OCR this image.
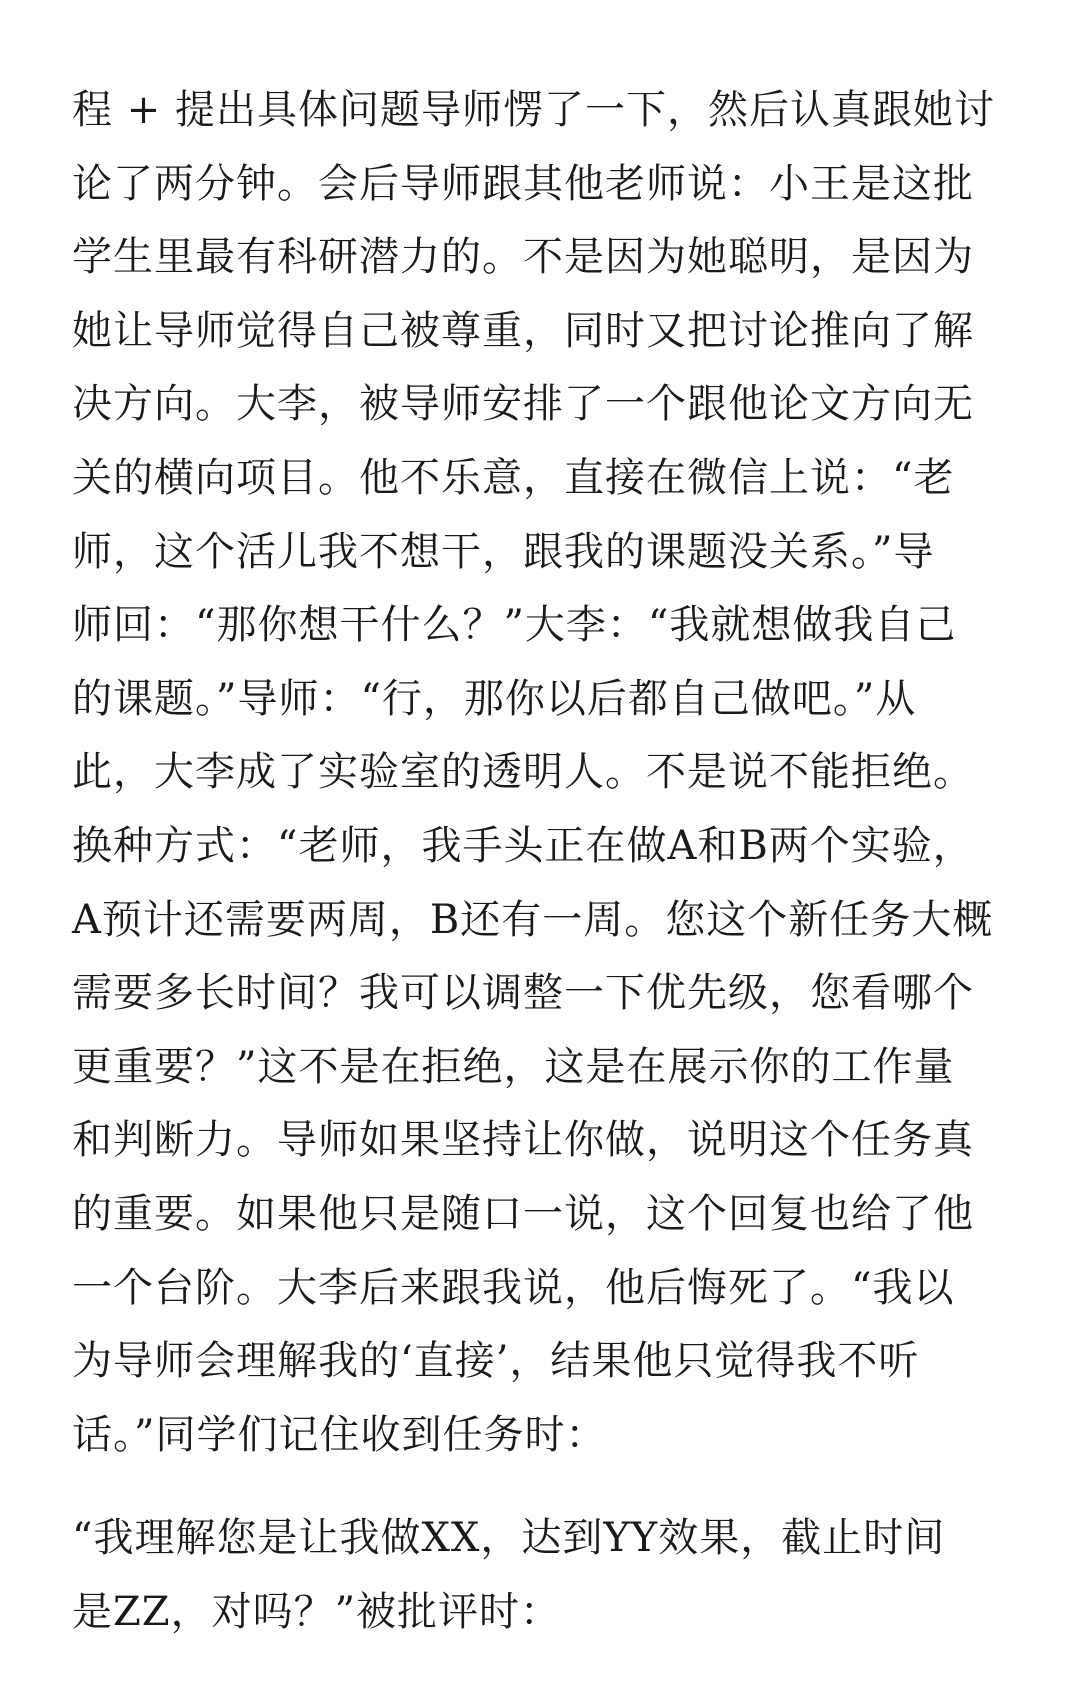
程 + 提出具体问题导师愣了一下，然后认真跟她讨
论了两分钟。会后导师跟其他老师说：小王是这批
学生里最有科研潜力的。不是因为她聪明，是因为
她让导师觉得自己被尊重，同时又把讨论推向了解
决方向。大李，被导师安排了一个跟他论文方向无
关的横向项目。他不乐意，直接在微信上说：“老
师，这个活儿我不想干，跟我的课题没关系。”导
师回：“那你想干什么？”大李：“我就想做我自己
的课题。”导师：“行，那你以后都自己做吧。”从
此，大李成了实验室的透明人。不是说不能拒绝。
换种方式：“老师，我手头正在做A和B两个实验，
A预计还需要两周，B还有一周。您这个新任务大概
需要多长时间？我可以调整一下优先级，您看哪个
更重要？”这不是在拒绝，这是在展示你的工作量
和判断力。导师如果坚持让你做，说明这个任务真
的重要。如果他只是随口一说，这个回复也给了他
一个台阶。大李后来跟我说，他后悔死了。“我以
为导师会理解我的‘直接’，结果他只觉得我不听
话。”同学们记住收到任务时：
“我理解您是让我做XX，达到YY效果，截止时间
是ZZ，对吗？”被批评时：
